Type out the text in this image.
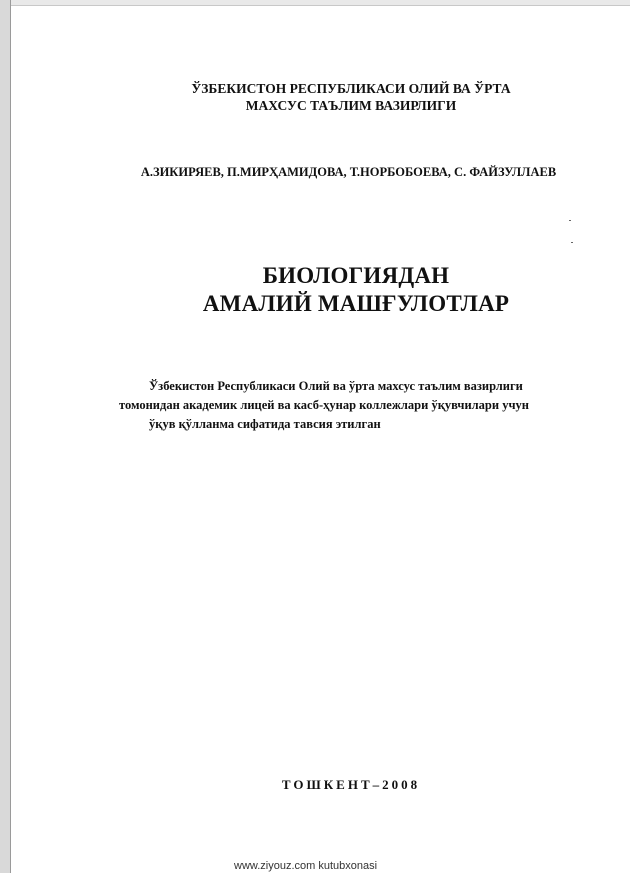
ЎЗБЕКИСТОН РЕСПУБЛИКАСИ ОЛИЙ ВА ЎРТА
МАХСУС ТАЪЛИМ ВАЗИРЛИГИ
А.ЗИКИРЯЕВ, П.МИРҲАМИДОВА, Т.НОРБОБОЕВА, С. ФАЙЗУЛЛАЕВ
БИОЛОГИЯДАН
АМАЛИЙ МАШҒУЛОТЛАР
Ўзбекистон Республикаси Олий ва ўрта махсус таълим вазирлиги
томонидан академик лицей ва касб-ҳунар коллежлари ўқувчилари учун
ўқув қўлланма сифатида тавсия этилган
ТОШКЕНТ–2008
www.ziyouz.com kutubxonasi
